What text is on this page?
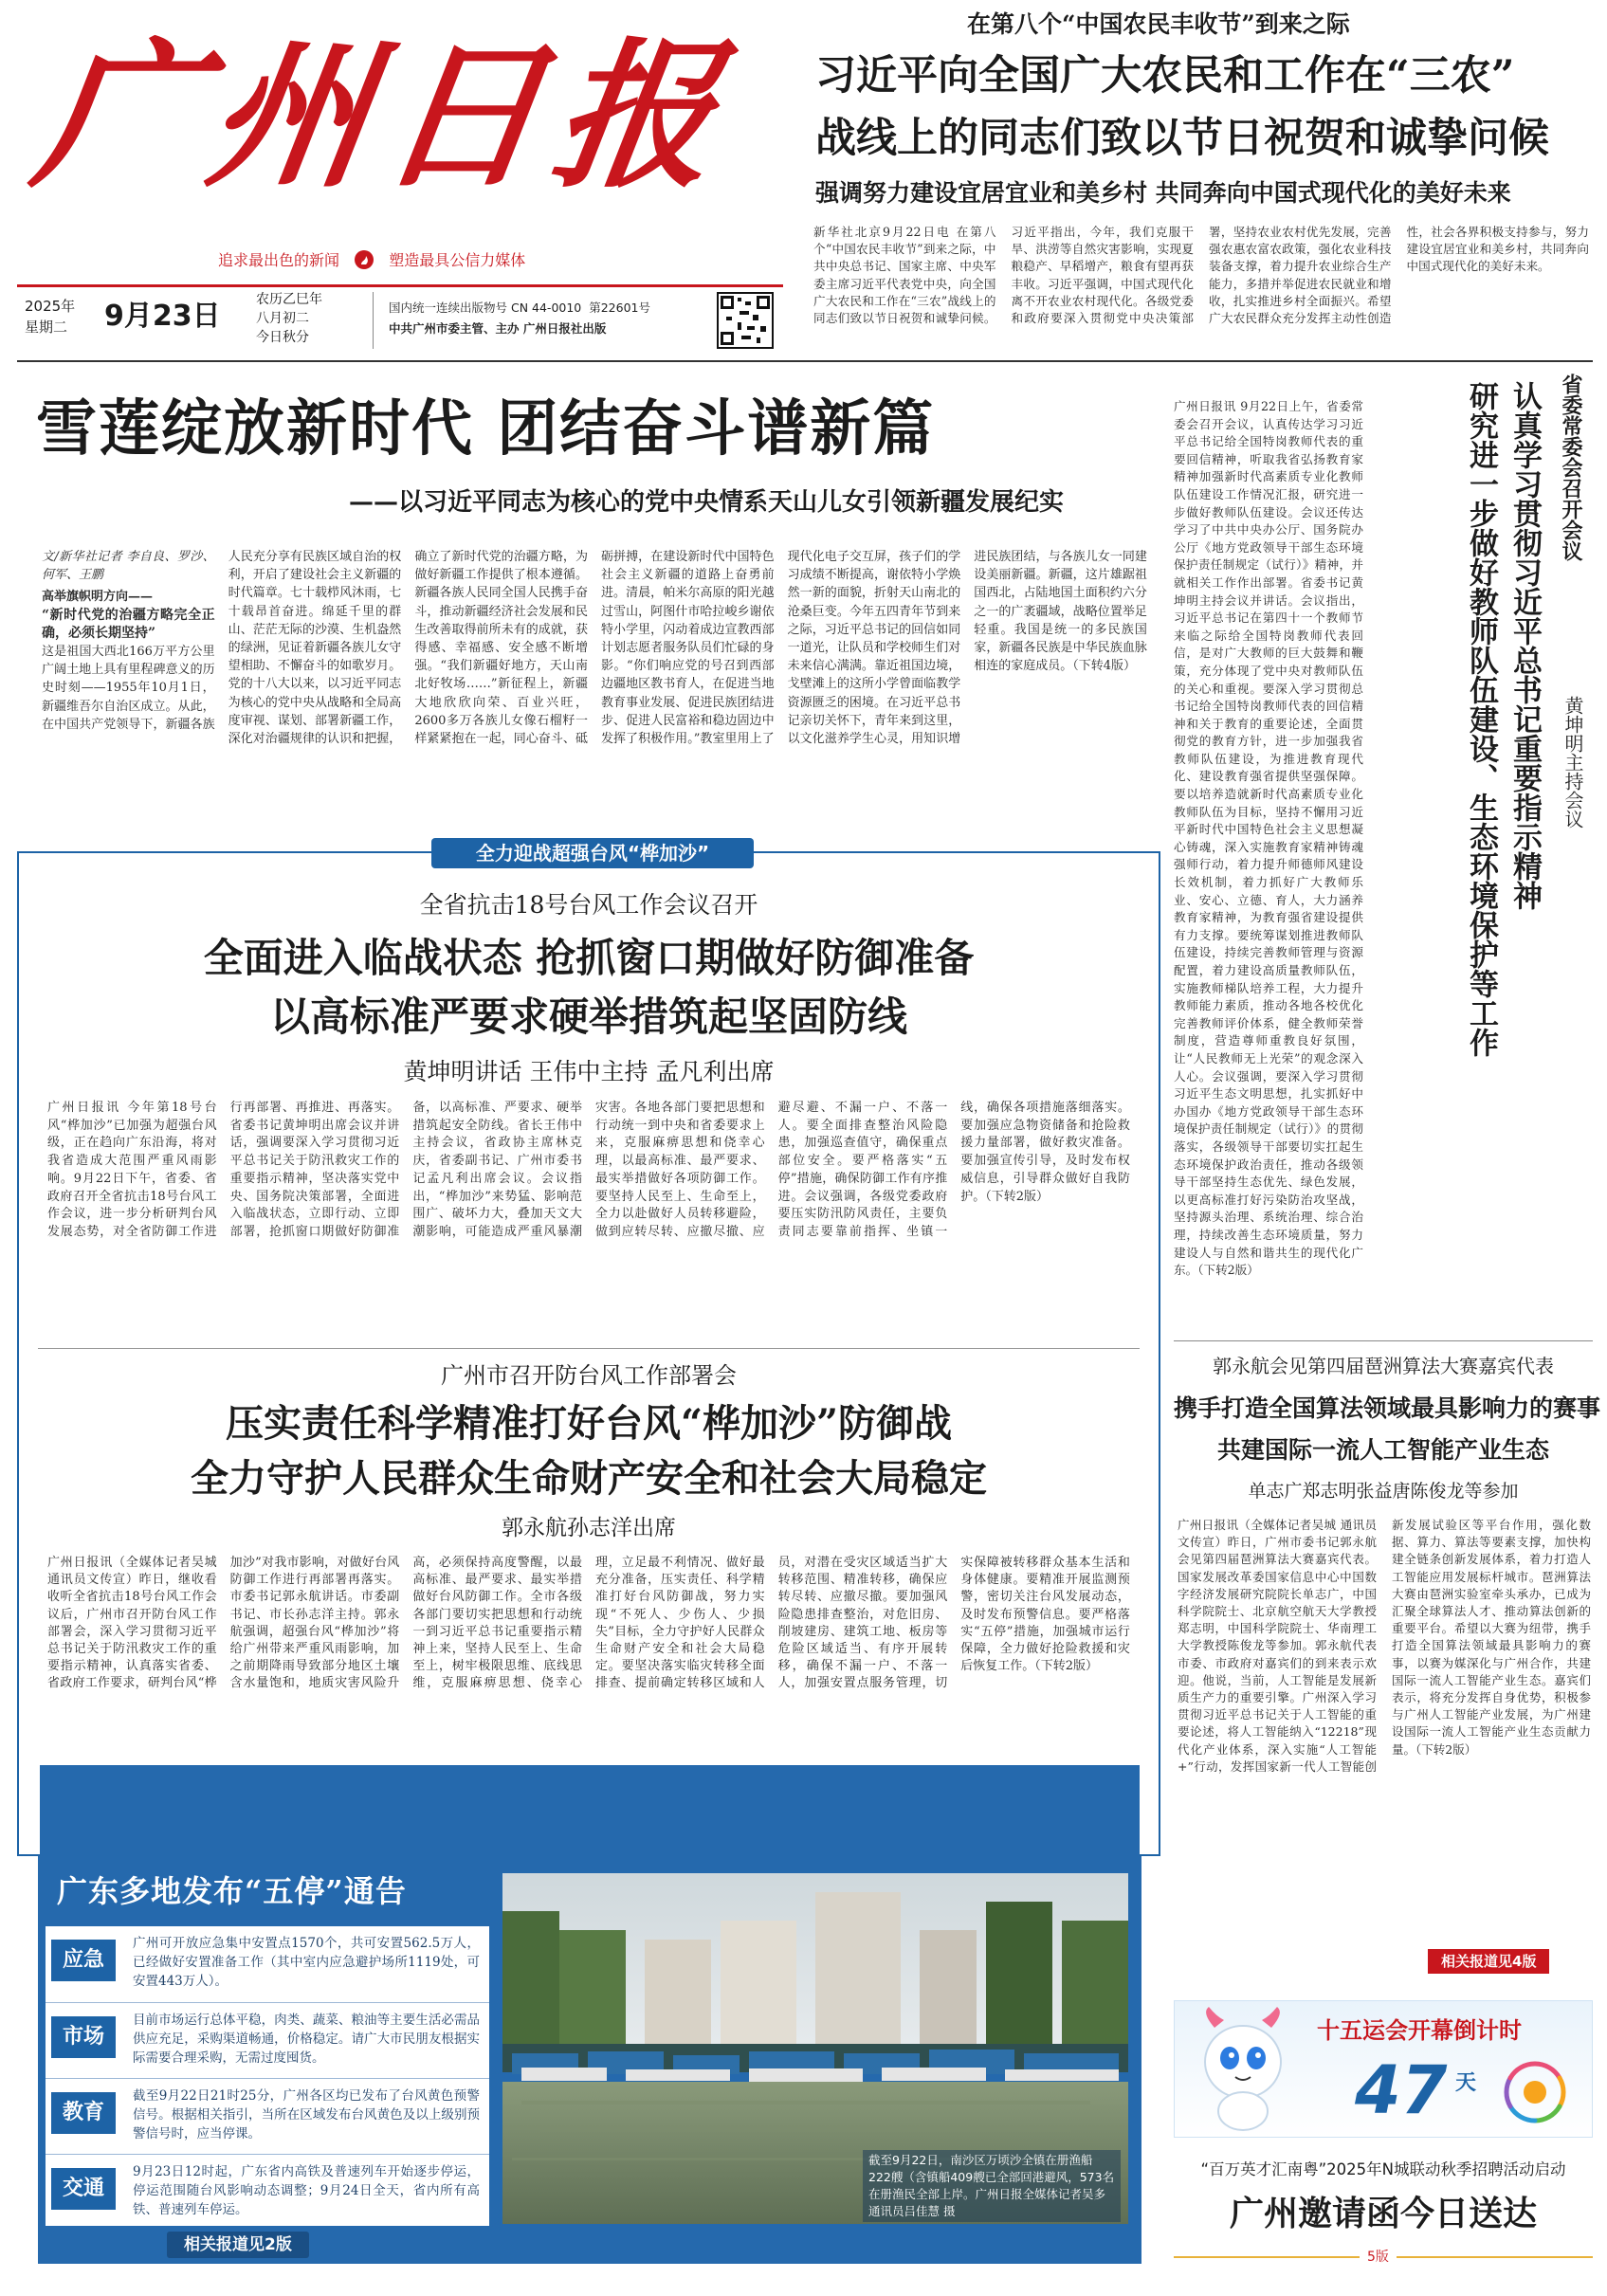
广州日报
追求最出色的新闻	塑造最具公信力媒体
2025年
星期二 9月23日	农历乙巳年
八月初二
今日秋分
国内统一连续出版物号 CN 44-0010 第22601号
中共广州市委主管、主办 广州日报社出版
在第八个“中国农民丰收节”到来之际
习近平向全国广大农民和工作在“三农”
战线上的同志们致以节日祝贺和诚挚问候
强调努力建设宜居宜业和美乡村 共同奔向中国式现代化的美好未来
新华社北京9月22日电 在第八个“中国农民丰收节”到来之际，中共中央总书记、国家主席、中央军委主席习近平代表党中央，向全国广大农民和工作在“三农”战线上的同志们致以节日祝贺和诚挚问候。习近平指出，今年，我们克服干旱、洪涝等自然灾害影响，实现夏粮稳产、早稻增产，粮食有望再获丰收。习近平强调，中国式现代化离不开农业农村现代化。各级党委和政府要深入贯彻党中央决策部署，坚持农业农村优先发展，完善强农惠农富农政策，强化农业科技装备支撑，着力提升农业综合生产能力，多措并举促进农民就业和增收，扎实推进乡村全面振兴。希望广大农民群众充分发挥主动性创造性，社会各界积极支持参与，努力建设宜居宜业和美乡村，共同奔向中国式现代化的美好未来。
雪莲绽放新时代 团结奋斗谱新篇
——以习近平同志为核心的党中央情系天山儿女引领新疆发展纪实
文/新华社记者 李自良、罗沙、何军、王鹏
高举旗帜明方向——
“新时代党的治疆方略完全正确，必须长期坚持”
这是祖国大西北166万平方公里广阔土地上具有里程碑意义的历史时刻——1955年10月1日，新疆维吾尔自治区成立。从此，在中国共产党领导下，新疆各族人民充分享有民族区域自治的权利，开启了建设社会主义新疆的时代篇章。七十载栉风沐雨，七十载昂首奋进。绵延千里的群山、茫茫无际的沙漠、生机盎然的绿洲，见证着新疆各族儿女守望相助、不懈奋斗的如歌岁月。党的十八大以来，以习近平同志为核心的党中央从战略和全局高度审视、谋划、部署新疆工作，深化对治疆规律的认识和把握，确立了新时代党的治疆方略，为做好新疆工作提供了根本遵循。新疆各族人民同全国人民携手奋斗，推动新疆经济社会发展和民生改善取得前所未有的成就，获得感、幸福感、安全感不断增强。“我们新疆好地方，天山南北好牧场……”新征程上，新疆大地欣欣向荣、百业兴旺，2600多万各族儿女像石榴籽一样紧紧抱在一起，同心奋斗、砥砺拼搏，在建设新时代中国特色社会主义新疆的道路上奋勇前进。清晨，帕米尔高原的阳光越过雪山，阿图什市哈拉峻乡谢依特小学里，闪动着成边宣教西部计划志愿者服务队员们忙碌的身影。“你们响应党的号召到西部边疆地区教书育人，在促进当地教育事业发展、促进民族团结进步、促进人民富裕和稳边固边中发挥了积极作用。”教室里用上了现代化电子交互屏，孩子们的学习成绩不断提高，谢依特小学焕然一新的面貌，折射天山南北的沧桑巨变。今年五四青年节到来之际，习近平总书记的回信如同一道光，让队员和学校师生们对未来信心满满。靠近祖国边境，戈壁滩上的这所小学曾面临教学资源匮乏的困境。在习近平总书记亲切关怀下，青年来到这里，以文化滋养学生心灵，用知识增进民族团结，与各族儿女一同建设美丽新疆。新疆，这片雄踞祖国西北，占陆地国土面积约六分之一的广袤疆域，战略位置举足轻重。我国是统一的多民族国家，新疆各民族是中华民族血脉相连的家庭成员。（下转4版）
省委常委会召开会议
认真学习贯彻习近平总书记重要指示精神
研究进一步做好教师队伍建设、生态环境保护等工作	黄坤明主持会议
广州日报讯 9月22日上午，省委常委会召开会议，认真传达学习习近平总书记给全国特岗教师代表的重要回信精神，听取我省弘扬教育家精神加强新时代高素质专业化教师队伍建设工作情况汇报，研究进一步做好教师队伍建设。会议还传达学习了中共中央办公厅、国务院办公厅《地方党政领导干部生态环境保护责任制规定（试行）》精神，并就相关工作作出部署。省委书记黄坤明主持会议并讲话。会议指出，习近平总书记在第四十一个教师节来临之际给全国特岗教师代表回信，是对广大教师的巨大鼓舞和鞭策，充分体现了党中央对教师队伍的关心和重视。要深入学习贯彻总书记给全国特岗教师代表的回信精神和关于教育的重要论述，全面贯彻党的教育方针，进一步加强我省教师队伍建设，为推进教育现代化、建设教育强省提供坚强保障。要以培养造就新时代高素质专业化教师队伍为目标，坚持不懈用习近平新时代中国特色社会主义思想凝心铸魂，深入实施教育家精神铸魂强师行动，着力提升师德师风建设长效机制，着力抓好广大教师乐业、安心、立德、育人，大力涵养教育家精神，为教育强省建设提供有力支撑。要统筹谋划推进教师队伍建设，持续完善教师管理与资源配置，着力建设高质量教师队伍，实施教师梯队培养工程，大力提升教师能力素质，推动各地各校优化完善教师评价体系，健全教师荣誉制度，营造尊师重教良好氛围，让“人民教师无上光荣”的观念深入人心。会议强调，要深入学习贯彻习近平生态文明思想，扎实抓好中办国办《地方党政领导干部生态环境保护责任制规定（试行）》的贯彻落实，各级领导干部要切实扛起生态环境保护政治责任，推动各级领导干部坚持生态优先、绿色发展，以更高标准打好污染防治攻坚战，坚持源头治理、系统治理、综合治理，持续改善生态环境质量，努力建设人与自然和谐共生的现代化广东。（下转2版）
全力迎战超强台风“桦加沙”
全省抗击18号台风工作会议召开
全面进入临战状态 抢抓窗口期做好防御准备
以高标准严要求硬举措筑起坚固防线
黄坤明讲话 王伟中主持 孟凡利出席
广州日报讯 今年第18号台风“桦加沙”已加强为超强台风级，正在趋向广东沿海，将对我省造成大范围严重风雨影响。9月22日下午，省委、省政府召开全省抗击18号台风工作会议，进一步分析研判台风发展态势，对全省防御工作进行再部署、再推进、再落实。省委书记黄坤明出席会议并讲话，强调要深入学习贯彻习近平总书记关于防汛救灾工作的重要指示精神，坚决落实党中央、国务院决策部署，全面进入临战状态，立即行动、立即部署，抢抓窗口期做好防御准备，以高标准、严要求、硬举措筑起安全防线。省长王伟中主持会议，省政协主席林克庆，省委副书记、广州市委书记孟凡利出席会议。会议指出，“桦加沙”来势猛、影响范围广、破坏力大，叠加天文大潮影响，可能造成严重风暴潮灾害。各地各部门要把思想和行动统一到中央和省委要求上来，克服麻痹思想和侥幸心理，以最高标准、最严要求、最实举措做好各项防御工作。要坚持人民至上、生命至上，全力以赴做好人员转移避险，做到应转尽转、应撤尽撤、应避尽避、不漏一户、不落一人。要全面排查整治风险隐患，加强巡查值守，确保重点部位安全。要严格落实“五停”措施，确保防御工作有序推进。会议强调，各级党委政府要压实防汛防风责任，主要负责同志要靠前指挥、坐镇一线，确保各项措施落细落实。要加强应急物资储备和抢险救援力量部署，做好救灾准备。要加强宣传引导，及时发布权威信息，引导群众做好自我防护。（下转2版）
广州市召开防台风工作部署会
压实责任科学精准打好台风“桦加沙”防御战
全力守护人民群众生命财产安全和社会大局稳定
郭永航孙志洋出席
广州日报讯（全媒体记者吴城 通讯员文传宣）昨日，继收看收听全省抗击18号台风工作会议后，广州市召开防台风工作部署会，深入学习贯彻习近平总书记关于防汛救灾工作的重要指示精神，认真落实省委、省政府工作要求，研判台风“桦加沙”对我市影响，对做好台风防御工作进行再部署再落实。市委书记郭永航讲话。市委副书记、市长孙志洋主持。郭永航强调，超强台风“桦加沙”将给广州带来严重风雨影响，加之前期降雨导致部分地区土壤含水量饱和，地质灾害风险升高，必须保持高度警醒，以最高标准、最严要求、最实举措做好台风防御工作。全市各级各部门要切实把思想和行动统一到习近平总书记重要指示精神上来，坚持人民至上、生命至上，树牢极限思维、底线思维，克服麻痹思想、侥幸心理，立足最不利情况、做好最充分准备，压实责任、科学精准打好台风防御战，努力实现“不死人、少伤人、少损失”目标，全力守护好人民群众生命财产安全和社会大局稳定。要坚决落实临灾转移全面排查、提前确定转移区域和人员，对潜在受灾区域适当扩大转移范围、精准转移，确保应转尽转、应撤尽撤。要加强风险隐患排查整治，对危旧房、削坡建房、建筑工地、板房等危险区域适当、有序开展转移，确保不漏一户、不落一人，加强安置点服务管理，切实保障被转移群众基本生活和身体健康。要精准开展监测预警，密切关注台风发展动态，及时发布预警信息。要严格落实“五停”措施，加强城市运行保障，全力做好抢险救援和灾后恢复工作。（下转2版）
广东多地发布“五停”通告
应急
广州可开放应急集中安置点1570个，共可安置562.5万人，已经做好安置准备工作（其中室内应急避护场所1119处，可安置443万人）。
市场
目前市场运行总体平稳，肉类、蔬菜、粮油等主要生活必需品供应充足，采购渠道畅通，价格稳定。请广大市民朋友根据实际需要合理采购，无需过度囤货。
教育
截至9月22日21时25分，广州各区均已发布了台风黄色预警信号。根据相关指引，当所在区域发布台风黄色及以上级别预警信号时，应当停课。
交通
9月23日12时起，广东省内高铁及普速列车开始逐步停运，停运范围随台风影响动态调整；9月24日全天，省内所有高铁、普速列车停运。
截至9月22日，南沙区万顷沙全镇在册渔船222艘（含镇船409艘已全部回港避风，573名在册渔民全部上岸。广州日报全媒体记者吴多 通讯员吕佳慧 摄
相关报道见2版
郭永航会见第四届琶洲算法大赛嘉宾代表
携手打造全国算法领域最具影响力的赛事
共建国际一流人工智能产业生态
单志广郑志明张益唐陈俊龙等参加
广州日报讯（全媒体记者吴城 通讯员文传宣）昨日，广州市委书记郭永航会见第四届琶洲算法大赛嘉宾代表。国家发展改革委国家信息中心中国数字经济发展研究院院长单志广，中国科学院院士、北京航空航天大学教授郑志明，中国科学院院士、华南理工大学教授陈俊龙等参加。郭永航代表市委、市政府对嘉宾们的到来表示欢迎。他说，当前，人工智能是发展新质生产力的重要引擎。广州深入学习贯彻习近平总书记关于人工智能的重要论述，将人工智能纳入“12218”现代化产业体系，深入实施“人工智能+”行动，发挥国家新一代人工智能创新发展试验区等平台作用，强化数据、算力、算法等要素支撑，加快构建全链条创新发展体系，着力打造人工智能应用发展标杆城市。琶洲算法大赛由琶洲实验室牵头承办，已成为汇聚全球算法人才、推动算法创新的重要平台。希望以大赛为纽带，携手打造全国算法领域最具影响力的赛事，以赛为媒深化与广州合作，共建国际一流人工智能产业生态。嘉宾们表示，将充分发挥自身优势，积极参与广州人工智能产业发展，为广州建设国际一流人工智能产业生态贡献力量。（下转2版）
相关报道见4版
十五运会开幕倒计时
47 天
“百万英才汇南粤”2025年N城联动秋季招聘活动启动
广州邀请函今日送达
5版
